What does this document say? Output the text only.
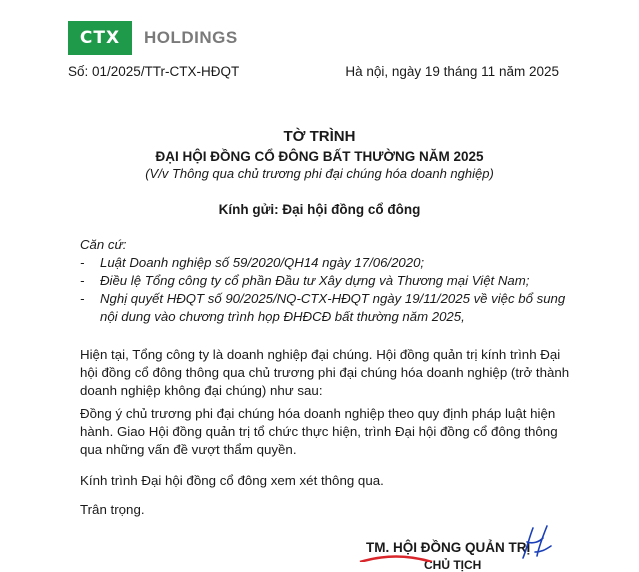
CTX	HOLDINGS
Số: 01/2025/TTr-CTX-HĐQT	Hà nội, ngày 19 tháng 11 năm 2025
TỜ TRÌNH
ĐẠI HỘI ĐỒNG CỔ ĐÔNG BẤT THƯỜNG NĂM 2025
(V/v Thông qua chủ trương phi đại chúng hóa doanh nghiệp)
Kính gửi: Đại hội đồng cổ đông
Căn cứ:
-	Luật Doanh nghiệp số 59/2020/QH14 ngày 17/06/2020;
-	Điều lệ Tổng công ty cổ phần Đầu tư Xây dựng và Thương mại Việt Nam;
-	Nghị quyết HĐQT số 90/2025/NQ-CTX-HĐQT ngày 19/11/2025 về việc bổ sung nội dung vào chương trình họp ĐHĐCĐ bất thường năm 2025,
Hiện tại, Tổng công ty là doanh nghiệp đại chúng. Hội đồng quản trị kính trình Đại hội đồng cổ đông thông qua chủ trương phi đại chúng hóa doanh nghiệp (trở thành doanh nghiệp không đại chúng) như sau:
Đồng ý chủ trương phi đại chúng hóa doanh nghiệp theo quy định pháp luật hiện hành. Giao Hội đồng quản trị tổ chức thực hiện, trình Đại hội đồng cổ đông thông qua những vấn đề vượt thẩm quyền.
Kính trình Đại hội đồng cổ đông xem xét thông qua.
Trân trọng.
TM. HỘI ĐỒNG QUẢN TRỊ
CHỦ TỊCH
